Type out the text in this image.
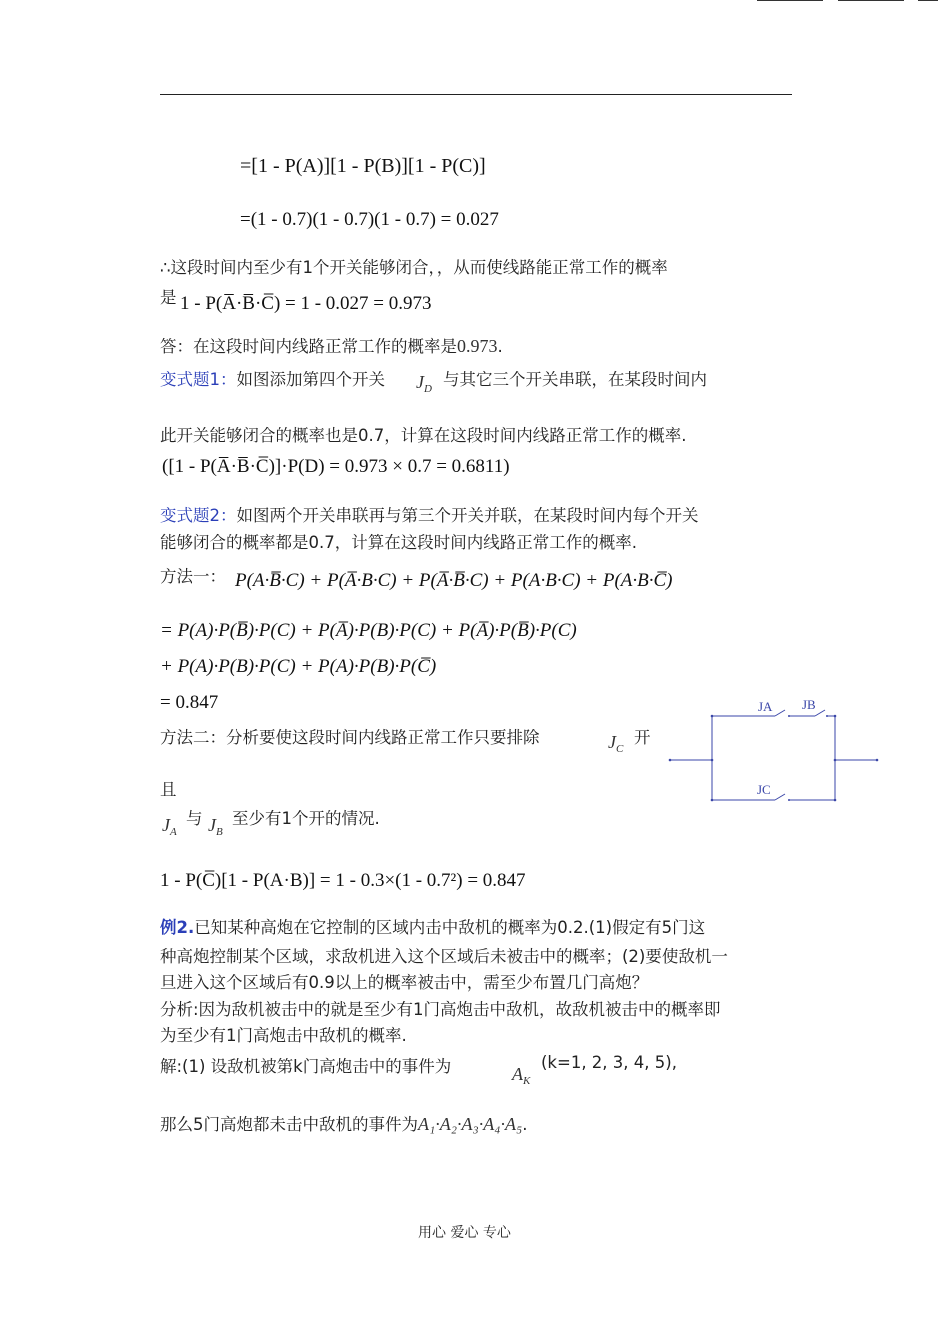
=[1 - P(A)][1 - P(B)][1 - P(C)]
=(1 - 0.7)(1 - 0.7)(1 - 0.7) = 0.027
∴这段时间内至少有1个开关能够闭合，，从而使线路能正常工作的概率
是 1 - P(A̅·B̅·C̅) = 1 - 0.027 = 0.973
答：在这段时间内线路正常工作的概率是0.973.
变式题1：如图添加第四个开关 $J_D$ 与其它三个开关串联，在某段时间内
此开关能够闭合的概率也是0.7，计算在这段时间内线路正常工作的概率.
([1 - P(A̅·B̅·C̅)]·P(D) = 0.973 × 0.7 = 0.6811)
变式题2：如图两个开关串联再与第三个开关并联，在某段时间内每个开关
能够闭合的概率都是0.7，计算在这段时间内线路正常工作的概率.
方法一： P(A·B̅·C) + P(A̅·B·C) + P(A̅·B̅·C) + P(A·B·C) + P(A·B·C̅)
= P(A)·P(B̅)·P(C) + P(A̅)·P(B)·P(C) + P(A̅)·P(B̅)·P(C)
+ P(A)·P(B)·P(C) + P(A)·P(B)·P(C̅)
= 0.847
方法二：分析要使这段时间内线路正常工作只要排除	$J_C$
开
且
$J_A$
与 $J_B$
至少有1个开的情况.
1 - P(C̅)[1 - P(A·B)] = 1 - 0.3×(1 - 0.7²) = 0.847
JA JB
JC
例2.已知某种高炮在它控制的区域内击中敌机的概率为0.2.(1)假定有5门这
种高炮控制某个区域，求敌机进入这个区域后未被击中的概率；(2)要使敌机一
旦进入这个区域后有0.9以上的概率被击中，需至少布置几门高炮？
分析:因为敌机被击中的就是至少有1门高炮击中敌机，故敌机被击中的概率即
为至少有1门高炮击中敌机的概率.
解:(1) 设敌机被第k门高炮击中的事件为	$A_K$
(k=1, 2, 3, 4, 5),
那么5门高炮都未击中敌机的事件为A₁·A₂·A₃·A₄·A₅.
用心 爱心 专心
